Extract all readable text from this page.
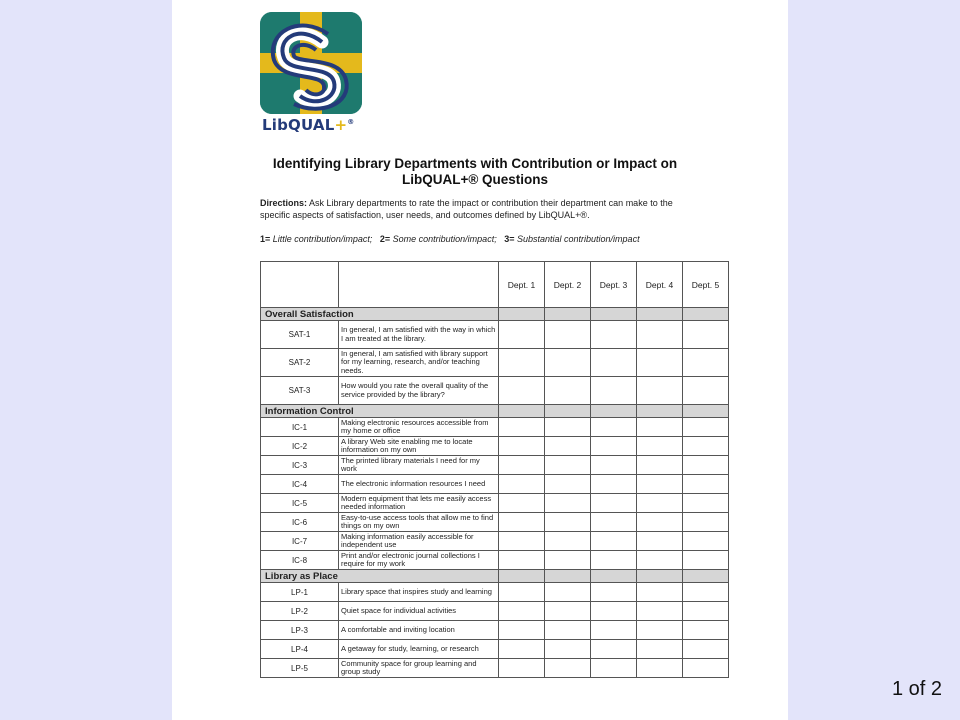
LibQUAL+®
Identifying Library Departments with Contribution or Impact on
LibQUAL+® Questions
Directions: Ask Library departments to rate the impact or contribution their department can make to the specific aspects of satisfaction, user needs, and outcomes defined by LibQUAL+®.
1= Little contribution/impact; 2= Some contribution/impact; 3= Substantial contribution/impact
		Dept. 1	Dept. 2	Dept. 3	Dept. 4	Dept. 5
Overall Satisfaction						
SAT-1	In general, I am satisfied with the way in which I am treated at the library.					
SAT-2	In general, I am satisfied with library support for my learning, research, and/or teaching needs.					
SAT-3	How would you rate the overall quality of the service provided by the library?					
Information Control						
IC-1	Making electronic resources accessible from my home or office					
IC-2	A library Web site enabling me to locate information on my own					
IC-3	The printed library materials I need for my work					
IC-4	The electronic information resources I need					
IC-5	Modern equipment that lets me easily access needed information					
IC-6	Easy-to-use access tools that allow me to find things on my own					
IC-7	Making information easily accessible for independent use					
IC-8	Print and/or electronic journal collections I require for my work					
Library as Place						
LP-1	Library space that inspires study and learning					
LP-2	Quiet space for individual activities					
LP-3	A comfortable and inviting location					
LP-4	A getaway for study, learning, or research					
LP-5	Community space for group learning and group study					
1 of 2
